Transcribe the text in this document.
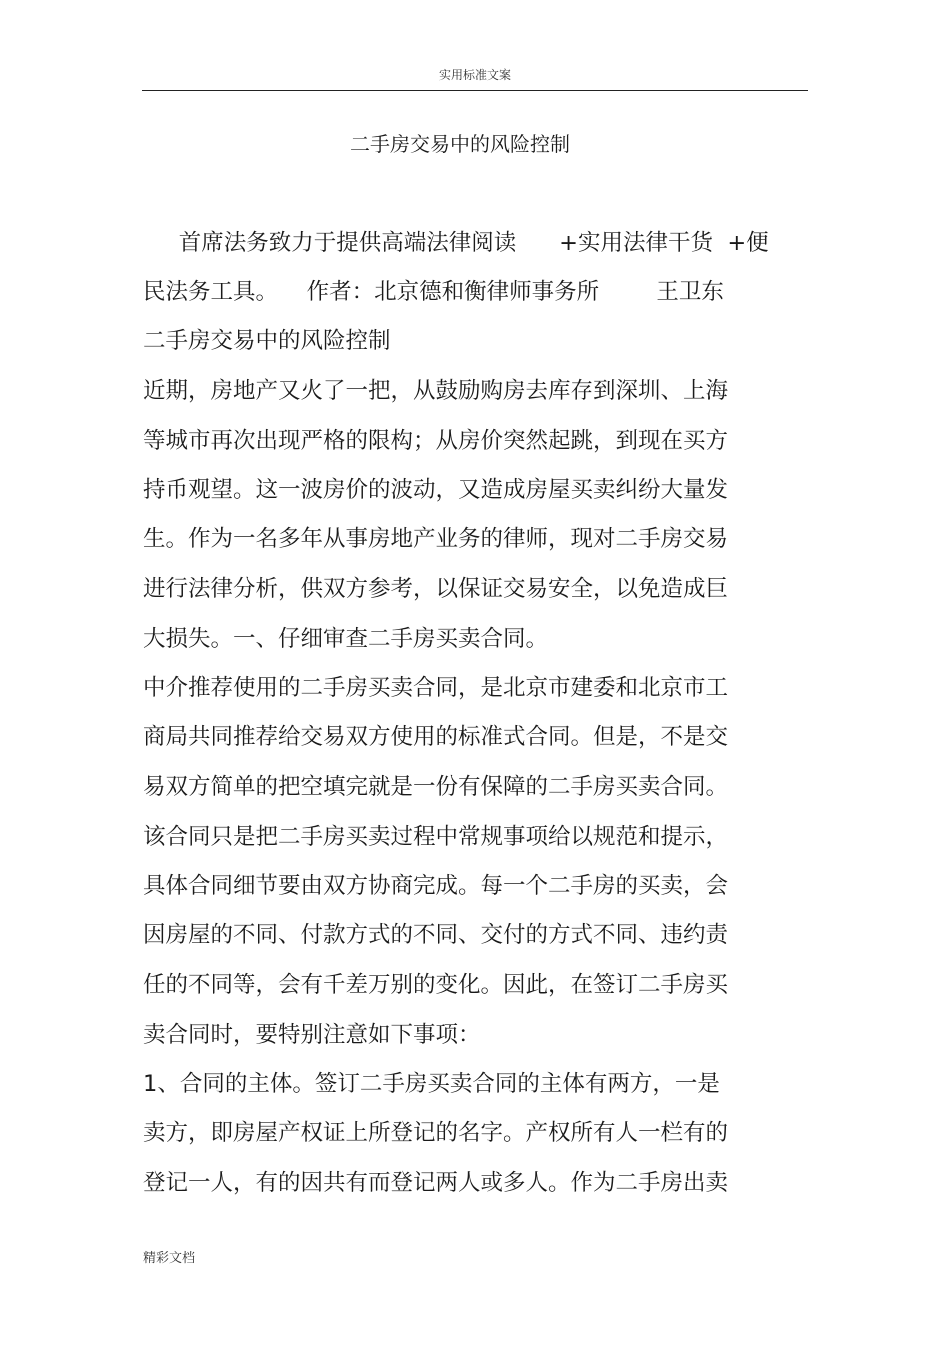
实用标准文案
二手房交易中的风险控制
首席法务致力于提供高端法律阅读      +实用法律干货  +便
民法务工具。    作者：北京德和衡律师事务所        王卫东
二手房交易中的风险控制
近期，房地产又火了一把，从鼓励购房去库存到深圳、上海
等城市再次出现严格的限构；从房价突然起跳，到现在买方
持币观望。这一波房价的波动，又造成房屋买卖纠纷大量发
生。作为一名多年从事房地产业务的律师，现对二手房交易
进行法律分析，供双方参考，以保证交易安全，以免造成巨
大损失。一、仔细审查二手房买卖合同。
中介推荐使用的二手房买卖合同，是北京市建委和北京市工
商局共同推荐给交易双方使用的标准式合同。但是，不是交
易双方简单的把空填完就是一份有保障的二手房买卖合同。
该合同只是把二手房买卖过程中常规事项给以规范和提示，
具体合同细节要由双方协商完成。每一个二手房的买卖，会
因房屋的不同、付款方式的不同、交付的方式不同、违约责
任的不同等，会有千差万别的变化。因此，在签订二手房买
卖合同时，要特别注意如下事项：
1、合同的主体。签订二手房买卖合同的主体有两方，一是
卖方，即房屋产权证上所登记的名字。产权所有人一栏有的
登记一人，有的因共有而登记两人或多人。作为二手房出卖
精彩文档
